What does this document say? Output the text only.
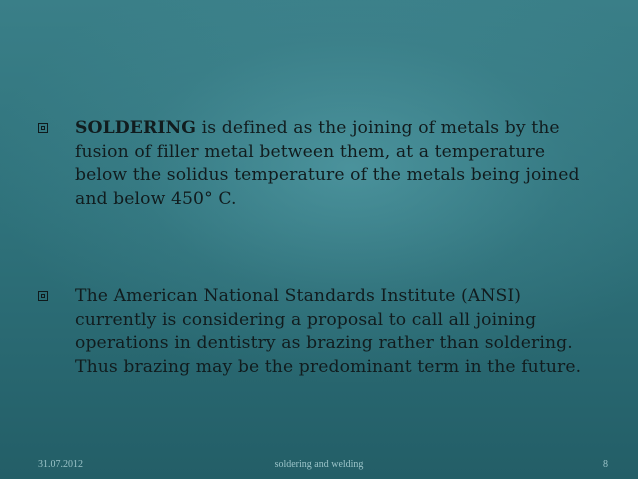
SOLDERING is defined as the joining of metals by the fusion of filler metal between them, at a temperature below the solidus temperature of the metals being joined and below 450° C.
The American National Standards Institute (ANSI) currently is considering a proposal to call all joining operations in dentistry as brazing rather than soldering. Thus brazing may be the predominant term in the future.
31.07.2012	soldering and welding	8
